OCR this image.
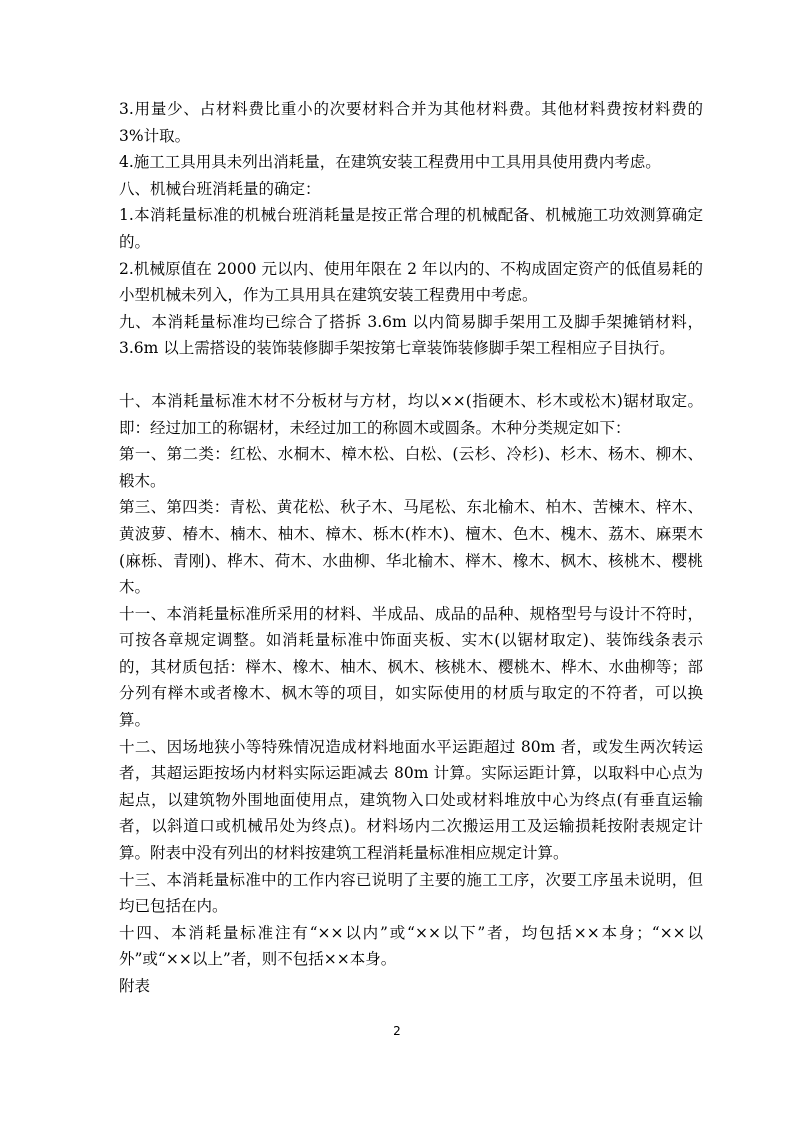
3.用量少、占材料费比重小的次要材料合并为其他材料费。其他材料费按材料费的 3%计取。

4.施工工具用具未列出消耗量，在建筑安装工程费用中工具用具使用费内考虑。

八、机械台班消耗量的确定：

1.本消耗量标准的机械台班消耗量是按正常合理的机械配备、机械施工功效测算确定的。

2.机械原值在 2000 元以内、使用年限在 2 年以内的、不构成固定资产的低值易耗的小型机械未列入，作为工具用具在建筑安装工程费用中考虑。

九、本消耗量标准均已综合了搭拆 3.6m 以内简易脚手架用工及脚手架摊销材料，3.6m 以上需搭设的装饰装修脚手架按第七章装饰装修脚手架工程相应子目执行。

十、本消耗量标准木材不分板材与方材，均以××(指硬木、杉木或松木)锯材取定。即：经过加工的称锯材，未经过加工的称圆木或圆条。木种分类规定如下：

第一、第二类：红松、水桐木、樟木松、白松、(云杉、冷杉)、杉木、杨木、柳木、椴木。

第三、第四类：青松、黄花松、秋子木、马尾松、东北榆木、柏木、苦楝木、梓木、黄波萝、椿木、楠木、柚木、樟木、栎木(柞木)、檀木、色木、槐木、荔木、麻栗木(麻栎、青刚)、桦木、荷木、水曲柳、华北榆木、榉木、橡木、枫木、核桃木、樱桃木。

十一、本消耗量标准所采用的材料、半成品、成品的品种、规格型号与设计不符时，可按各章规定调整。如消耗量标准中饰面夹板、实木(以锯材取定)、装饰线条表示的，其材质包括：榉木、橡木、柚木、枫木、核桃木、樱桃木、桦木、水曲柳等；部分列有榉木或者橡木、枫木等的项目，如实际使用的材质与取定的不符者，可以换算。

十二、因场地狭小等特殊情况造成材料地面水平运距超过 80m 者，或发生两次转运者，其超运距按场内材料实际运距减去 80m 计算。实际运距计算，以取料中心点为起点，以建筑物外围地面使用点，建筑物入口处或材料堆放中心为终点(有垂直运输者，以斜道口或机械吊处为终点)。材料场内二次搬运用工及运输损耗按附表规定计算。附表中没有列出的材料按建筑工程消耗量标准相应规定计算。

十三、本消耗量标准中的工作内容已说明了主要的施工工序，次要工序虽未说明，但均已包括在内。

十四、本消耗量标准注有“××以内”或“××以下”者，均包括××本身；“××以外”或“××以上”者，则不包括××本身。

附表

2
